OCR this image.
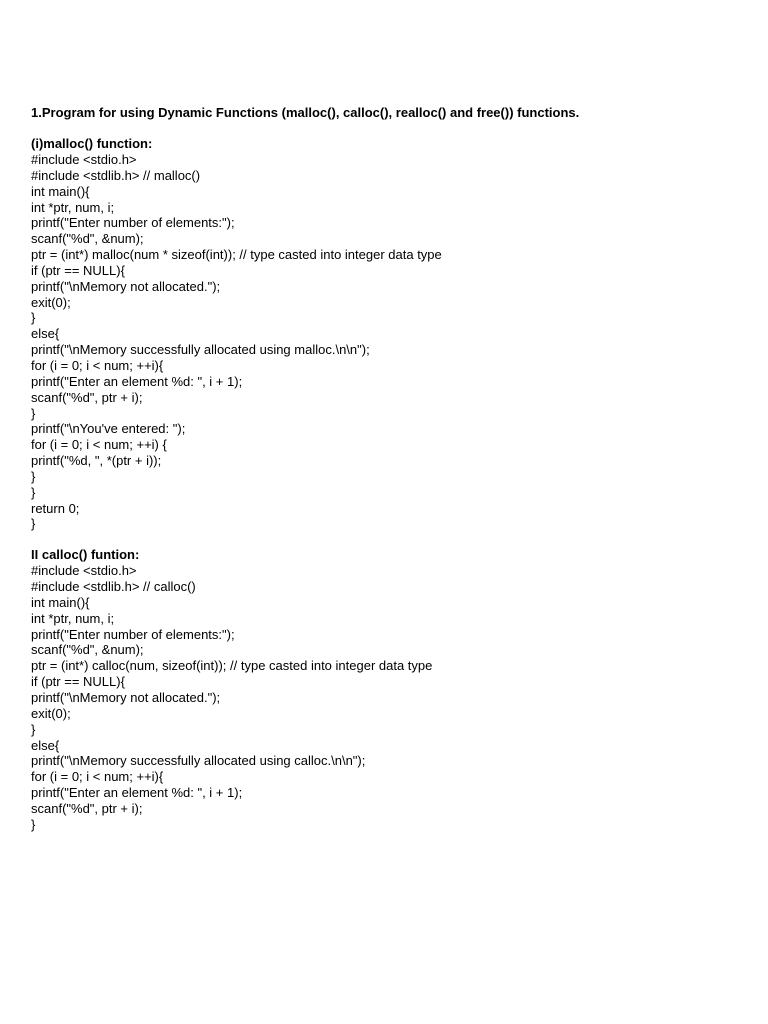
1.Program for using Dynamic Functions (malloc(), calloc(), realloc() and free()) functions.

(i)malloc() function:

#include <stdio.h>

#include <stdlib.h> // malloc()

int main(){

int *ptr, num, i;

printf("Enter number of elements:");

scanf("%d", &num);

ptr = (int*) malloc(num * sizeof(int)); // type casted into integer data type

if (ptr == NULL){

printf("\nMemory not allocated.");

exit(0);

}

else{

printf("\nMemory successfully allocated using malloc.\n\n");

for (i = 0; i < num; ++i){

printf("Enter an element %d: ", i + 1);

scanf("%d", ptr + i);

}

printf("\nYou've entered: ");

for (i = 0; i < num; ++i) {

printf("%d, ", *(ptr + i));

}

}

return 0;

}

II calloc() funtion:

#include <stdio.h>

#include <stdlib.h> // calloc()

int main(){

int *ptr, num, i;

printf("Enter number of elements:");

scanf("%d", &num);

ptr = (int*) calloc(num, sizeof(int)); // type casted into integer data type

if (ptr == NULL){

printf("\nMemory not allocated.");

exit(0);

}

else{

printf("\nMemory successfully allocated using calloc.\n\n");

for (i = 0; i < num; ++i){

printf("Enter an element %d: ", i + 1);

scanf("%d", ptr + i);

}
